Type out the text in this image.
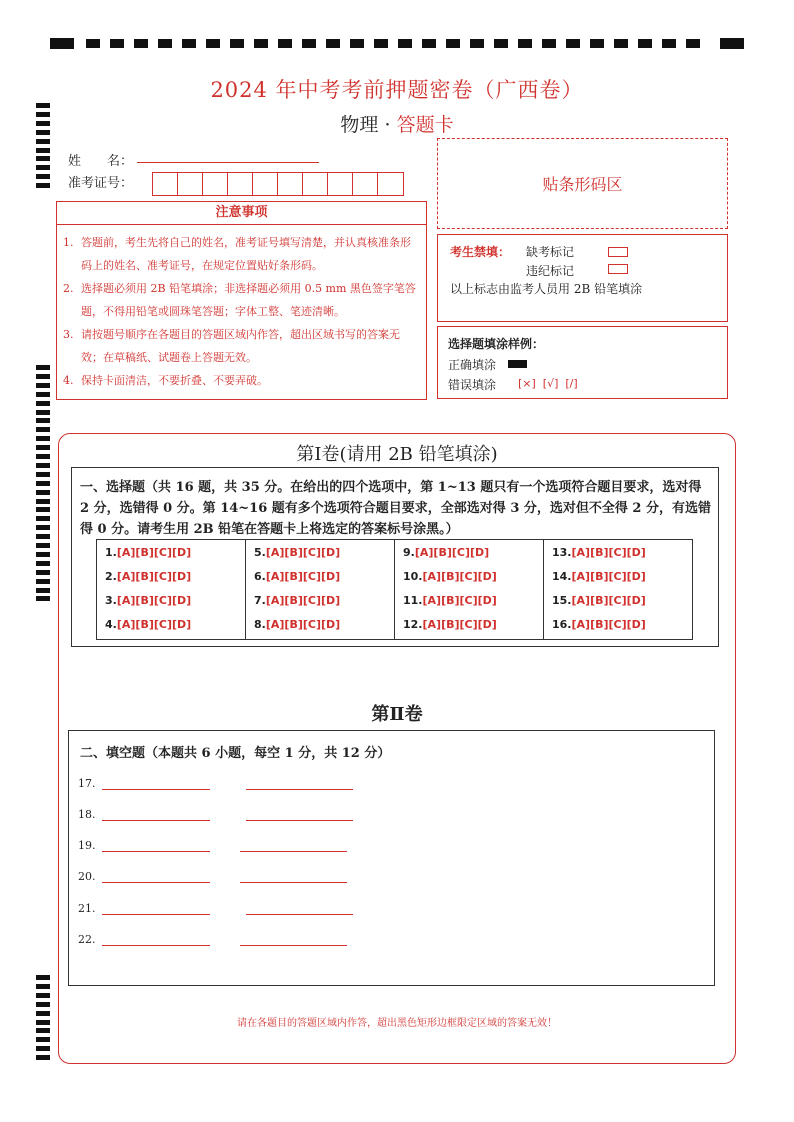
2024 年中考考前押题密卷（广西卷）
物理 · 答题卡
姓　　名：
准考证号：	贴条形码区
注意事项
1. 答题前，考生先将自己的姓名，准考证号填写清楚，并认真核准条形码上的姓名、准考证号，在规定位置贴好条形码。
2. 选择题必须用 2B 铅笔填涂；非选择题必须用 0.5 mm 黑色签字笔答题，不得用铅笔或圆珠笔答题；字体工整、笔迹清晰。
3. 请按题号顺序在各题目的答题区域内作答，超出区域书写的答案无效；在草稿纸、试题卷上答题无效。
4. 保持卡面清洁，不要折叠、不要弄破。
考生禁填： 缺考标记
违纪标记
以上标志由监考人员用 2B 铅笔填涂
选择题填涂样例：
正确填涂
错误填涂 [×]  [√]  [/]
第Ⅰ卷(请用 2B 铅笔填涂)
一、选择题（共 16 题，共 35 分。在给出的四个选项中，第 1~13 题只有一个选项符合题目要求，选对得 2 分，选错得 0 分。第 14~16 题有多个选项符合题目要求，全部选对得 3 分，选对但不全得 2 分，有选错得 0 分。请考生用 2B 铅笔在答题卡上将选定的答案标号涂黑。）
1.[A][B][C][D]
2.[A][B][C][D]
3.[A][B][C][D]
4.[A][B][C][D]
5.[A][B][C][D]
6.[A][B][C][D]
7.[A][B][C][D]
8.[A][B][C][D]
9.[A][B][C][D]
10.[A][B][C][D]
11.[A][B][C][D]
12.[A][B][C][D]
13.[A][B][C][D]
14.[A][B][C][D]
15.[A][B][C][D]
16.[A][B][C][D]
第Ⅱ卷
二、填空题（本题共 6 小题，每空 1 分，共 12 分）
17.
18.
19.
20.
21.
22.
请在各题目的答题区域内作答，超出黑色矩形边框限定区域的答案无效！
